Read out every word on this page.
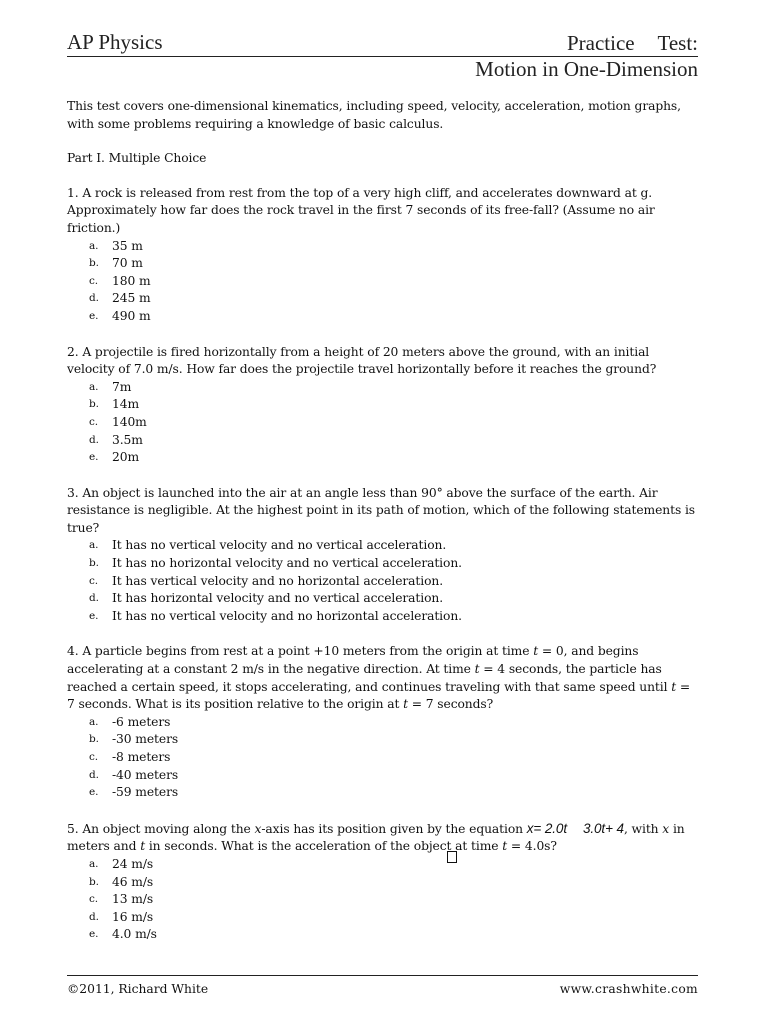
AP Physics	Practice Test:
Motion in One-Dimension

This test covers one-dimensional kinematics, including speed, velocity, acceleration, motion graphs, with some problems requiring a knowledge of basic calculus.

Part I. Multiple Choice

1. A rock is released from rest from the top of a very high cliff, and accelerates downward at g. Approximately how far does the rock travel in the first 7 seconds of its free-fall? (Assume no air friction.)

a.	35 m
b.	70 m
c.	180 m
d.	245 m
e.	490 m

2. A projectile is fired horizontally from a height of 20 meters above the ground, with an initial velocity of 7.0 m/s. How far does the projectile travel horizontally before it reaches the ground?

a.	7m
b.	14m
c.	140m
d.	3.5m
e.	20m

3. An object is launched into the air at an angle less than 90° above the surface of the earth. Air resistance is negligible. At the highest point in its path of motion, which of the following statements is true?

a.	It has no vertical velocity and no vertical acceleration.
b.	It has no horizontal velocity and no vertical acceleration.
c.	It has vertical velocity and no horizontal acceleration.
d.	It has horizontal velocity and no vertical acceleration.
e.	It has no vertical velocity and no horizontal acceleration.

4. A particle begins from rest at a point +10 meters from the origin at time t = 0, and begins accelerating at a constant 2 m/s in the negative direction. At time t = 4 seconds, the particle has reached a certain speed, it stops accelerating, and continues traveling with that same speed until t = 7 seconds. What is its position relative to the origin at t = 7 seconds?

a.	-6 meters
b.	-30 meters
c.	-8 meters
d.	-40 meters
e.	-59 meters

5. An object moving along the x-axis has its position given by the equation x= 2.0t 3.0t+ 4, with x in meters and t in seconds. What is the acceleration of the object at time t = 4.0s?

a.	24 m/s
b.	46 m/s
c.	13 m/s
d.	16 m/s
e.	4.0 m/s
©2011, Richard White	www.crashwhite.com
